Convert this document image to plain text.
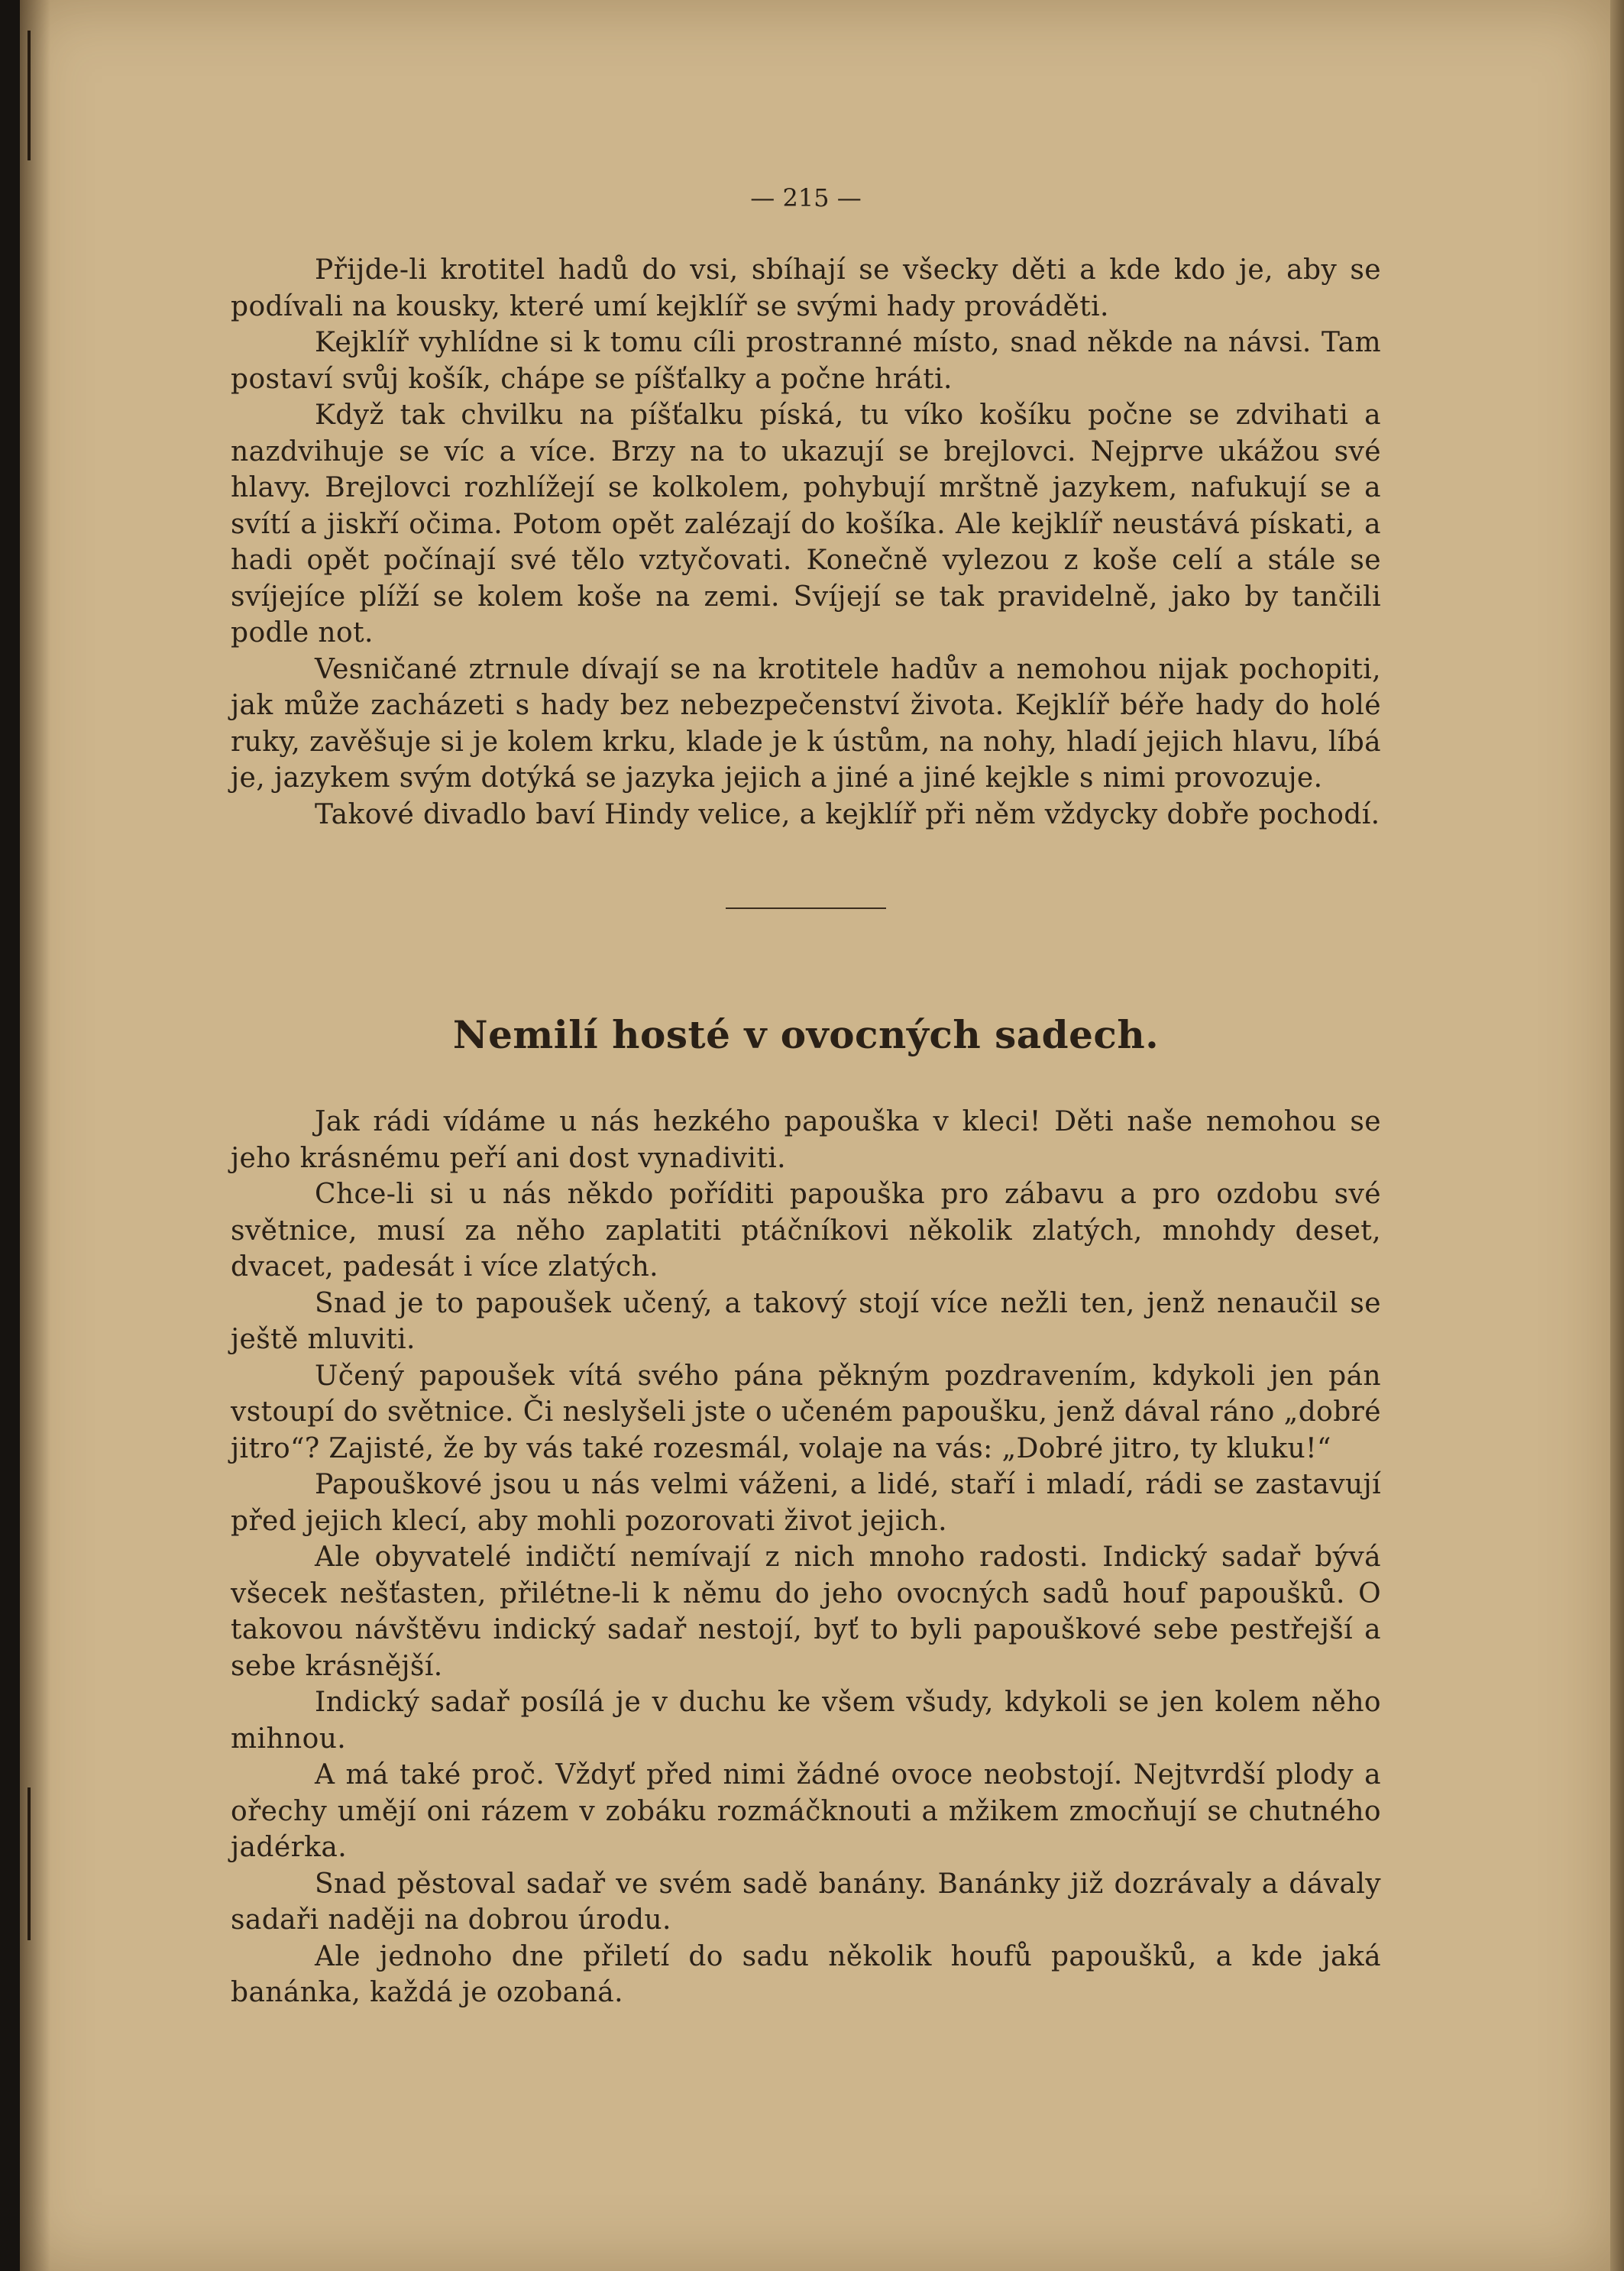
— 215 —

Přijde-li krotitel hadů do vsi, sbíhají se všecky děti a kde kdo je, aby se podívali na kousky, které umí kejklíř se svými hady prováděti.

Kejklíř vyhlídne si k tomu cíli prostranné místo, snad někde na návsi. Tam postaví svůj košík, chápe se píšťalky a počne hráti.

Když tak chvilku na píšťalku píská, tu víko košíku počne se zdvihati a nazdvihuje se víc a více. Brzy na to ukazují se brejlovci. Nejprve ukážou své hlavy. Brejlovci rozhlížejí se kolkolem, pohybují mrštně jazykem, nafukují se a svítí a jiskří očima. Potom opět zalézají do košíka. Ale kejklíř neustává pískati, a hadi opět počínají své tělo vztyčovati. Konečně vylezou z koše celí a stále se svíjejíce plíží se kolem koše na zemi. Svíjejí se tak pravidelně, jako by tančili podle not.

Vesničané ztrnule dívají se na krotitele hadův a nemohou nijak pochopiti, jak může zacházeti s hady bez nebezpečenství života. Kejklíř béře hady do holé ruky, zavěšuje si je kolem krku, klade je k ústům, na nohy, hladí jejich hlavu, líbá je, jazykem svým dotýká se jazyka jejich a jiné a jiné kejkle s nimi provozuje.

Takové divadlo baví Hindy velice, a kejklíř při něm vždycky dobře pochodí.

Nemilí hosté v ovocných sadech.

Jak rádi vídáme u nás hezkého papouška v kleci! Děti naše nemohou se jeho krásnému peří ani dost vynadiviti.

Chce-li si u nás někdo poříditi papouška pro zábavu a pro ozdobu své světnice, musí za něho zaplatiti ptáčníkovi několik zlatých, mnohdy deset, dvacet, padesát i více zlatých.

Snad je to papoušek učený, a takový stojí více nežli ten, jenž nenaučil se ještě mluviti.

Učený papoušek vítá svého pána pěkným pozdravením, kdykoli jen pán vstoupí do světnice. Či neslyšeli jste o učeném papoušku, jenž dával ráno „dobré jitro“? Zajisté, že by vás také rozesmál, volaje na vás: „Dobré jitro, ty kluku!“

Papouškové jsou u nás velmi váženi, a lidé, staří i mladí, rádi se zastavují před jejich klecí, aby mohli pozorovati život jejich.

Ale obyvatelé indičtí nemívají z nich mnoho radosti. Indický sadař bývá všecek nešťasten, přilétne-li k němu do jeho ovocných sadů houf papoušků. O takovou návštěvu indický sadař nestojí, byť to byli papouškové sebe pestřejší a sebe krásnější.

Indický sadař posílá je v duchu ke všem všudy, kdykoli se jen kolem něho mihnou.

A má také proč. Vždyť před nimi žádné ovoce neobstojí. Nejtvrdší plody a ořechy umějí oni rázem v zobáku rozmáčknouti a mžikem zmocňují se chutného jadérka.

Snad pěstoval sadař ve svém sadě banány. Banánky již dozrávaly a dávaly sadaři naději na dobrou úrodu.

Ale jednoho dne přiletí do sadu několik houfů papoušků, a kde jaká banánka, každá je ozobaná.
